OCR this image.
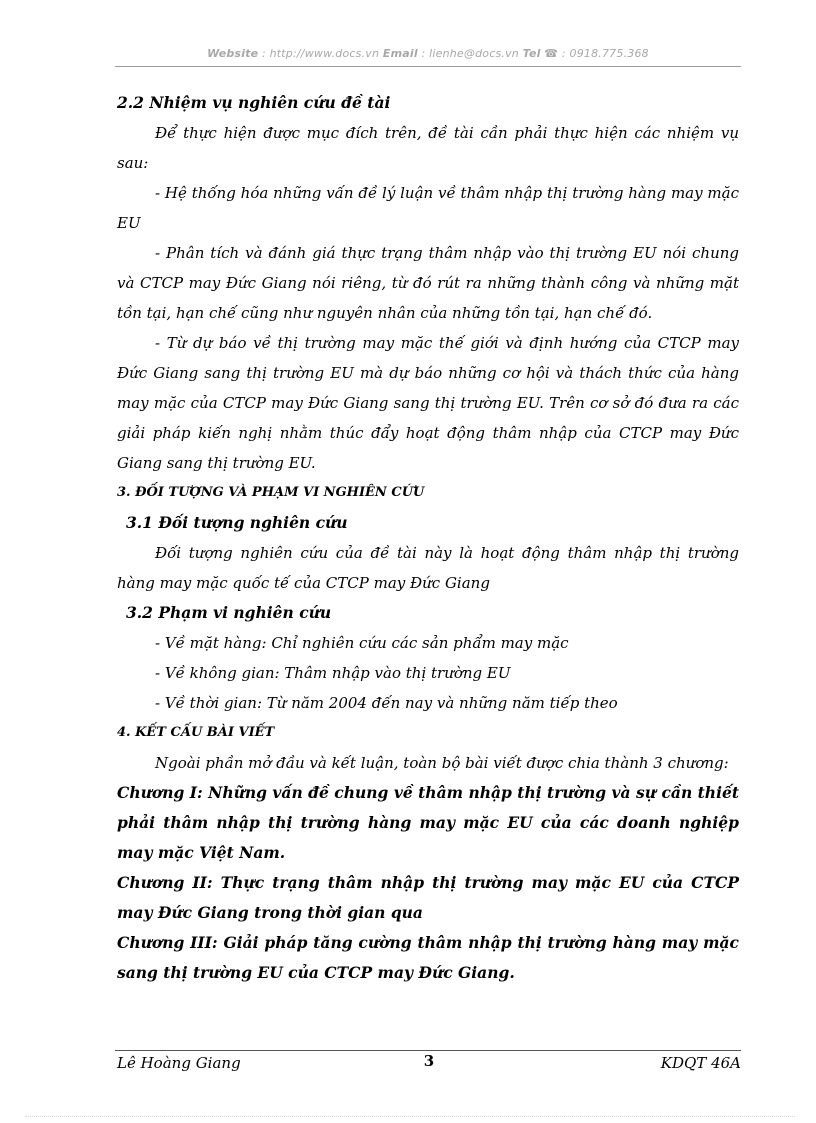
Website : http://www.docs.vn Email : lienhe@docs.vn Tel ☎ : 0918.775.368

2.2 Nhiệm vụ nghiên cứu đề tài

Để thực hiện được mục đích trên, đề tài cần phải thực hiện các nhiệm vụ sau:

- Hệ thống hóa những vấn đề lý luận về thâm nhập thị trường hàng may mặc EU

- Phân tích và đánh giá thực trạng thâm nhập vào thị trường EU nói chung và CTCP may Đức Giang nói riêng, từ đó rút ra những thành công và những mặt tồn tại, hạn chế cũng như nguyên nhân của những tồn tại, hạn chế đó.

- Từ dự báo về thị trường may mặc thế giới và định hướng của CTCP may Đức Giang sang thị trường EU mà dự báo những cơ hội và thách thức của hàng may mặc của CTCP may Đức Giang sang thị trường EU. Trên cơ sở đó đưa ra các giải pháp kiến nghị nhằm thúc đẩy hoạt động thâm nhập của CTCP may Đức Giang sang thị trường EU.

3. ĐỐI TƯỢNG VÀ PHẠM VI NGHIÊN CỨU

3.1 Đối tượng nghiên cứu

Đối tượng nghiên cứu của đề tài này là hoạt động thâm nhập thị trường hàng may mặc quốc tế của CTCP may Đức Giang

3.2 Phạm vi nghiên cứu

- Về mặt hàng: Chỉ nghiên cứu các sản phẩm may mặc

- Về không gian: Thâm nhập vào thị trường EU

- Về thời gian: Từ năm 2004 đến nay và những năm tiếp theo

4. KẾT CẤU BÀI VIẾT

Ngoài phần mở đầu và kết luận, toàn bộ bài viết được chia thành 3 chương:

Chương I: Những vấn đề chung về thâm nhập thị trường và sự cần thiết phải thâm nhập thị trường hàng may mặc EU của các doanh nghiệp may mặc Việt Nam.

Chương II: Thực trạng thâm nhập thị trường may mặc EU của CTCP may Đức Giang trong thời gian qua

Chương III: Giải pháp tăng cường thâm nhập thị trường hàng may mặc sang thị trường EU của CTCP may Đức Giang.

Lê Hoàng Giang	3	KDQT 46A
